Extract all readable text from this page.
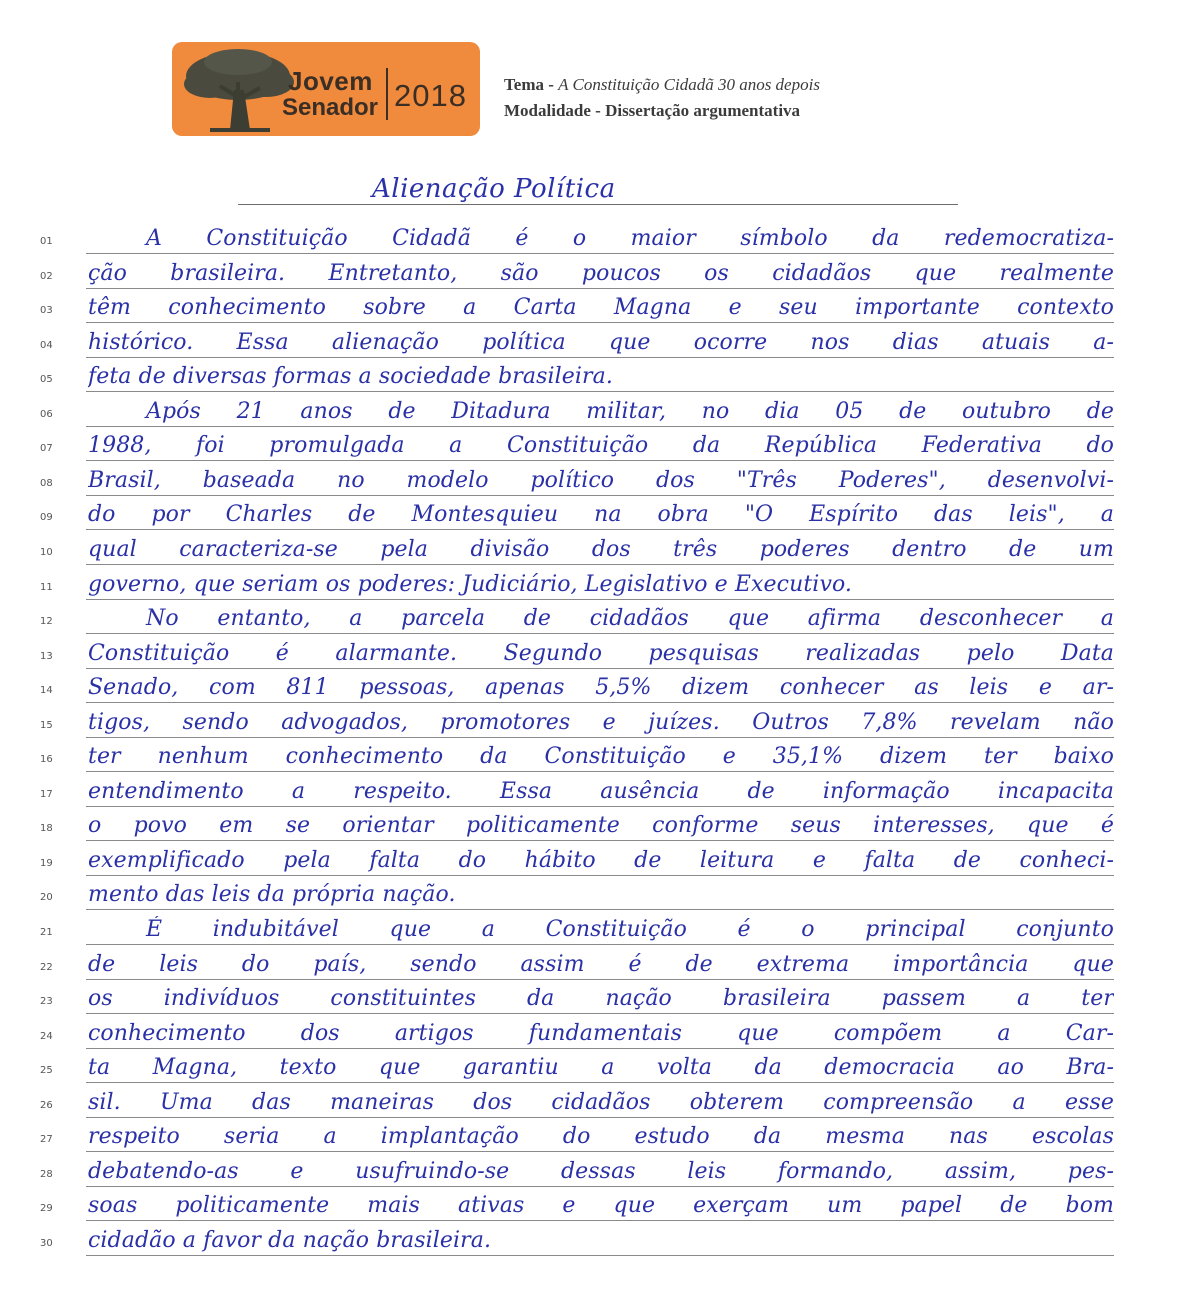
Jovem
Senador 2018 Tema - A Constituição Cidadã 30 anos depois
Modalidade - Dissertação argumentativa
Alienação Política
01	A Constituição Cidadã é o maior símbolo da redemocratiza-
02	ção brasileira. Entretanto, são poucos os cidadãos que realmente
03	têm conhecimento sobre a Carta Magna e seu importante contexto
04	histórico. Essa alienação política que ocorre nos dias atuais a-
05	feta de diversas formas a sociedade brasileira.
06	Após 21 anos de Ditadura militar, no dia 05 de outubro de
07	1988, foi promulgada a Constituição da República Federativa do
08	Brasil, baseada no modelo político dos "Três Poderes", desenvolvi-
09	do por Charles de Montesquieu na obra "O Espírito das leis", a
10	qual caracteriza-se pela divisão dos três poderes dentro de um
11	governo, que seriam os poderes: Judiciário, Legislativo e Executivo.
12	No entanto, a parcela de cidadãos que afirma desconhecer a
13	Constituição é alarmante. Segundo pesquisas realizadas pelo Data
14	Senado, com 811 pessoas, apenas 5,5% dizem conhecer as leis e ar-
15	tigos, sendo advogados, promotores e juízes. Outros 7,8% revelam não
16	ter nenhum conhecimento da Constituição e 35,1% dizem ter baixo
17	entendimento a respeito. Essa ausência de informação incapacita
18	o povo em se orientar politicamente conforme seus interesses, que é
19	exemplificado pela falta do hábito de leitura e falta de conheci-
20	mento das leis da própria nação.
21	É indubitável que a Constituição é o principal conjunto
22	de leis do país, sendo assim é de extrema importância que
23	os indivíduos constituintes da nação brasileira passem a ter
24	conhecimento dos artigos fundamentais que compõem a Car-
25	ta Magna, texto que garantiu a volta da democracia ao Bra-
26	sil. Uma das maneiras dos cidadãos obterem compreensão a esse
27	respeito seria a implantação do estudo da mesma nas escolas
28	debatendo-as e usufruindo-se dessas leis formando, assim, pes-
29	soas politicamente mais ativas e que exerçam um papel de bom
30	cidadão a favor da nação brasileira.
